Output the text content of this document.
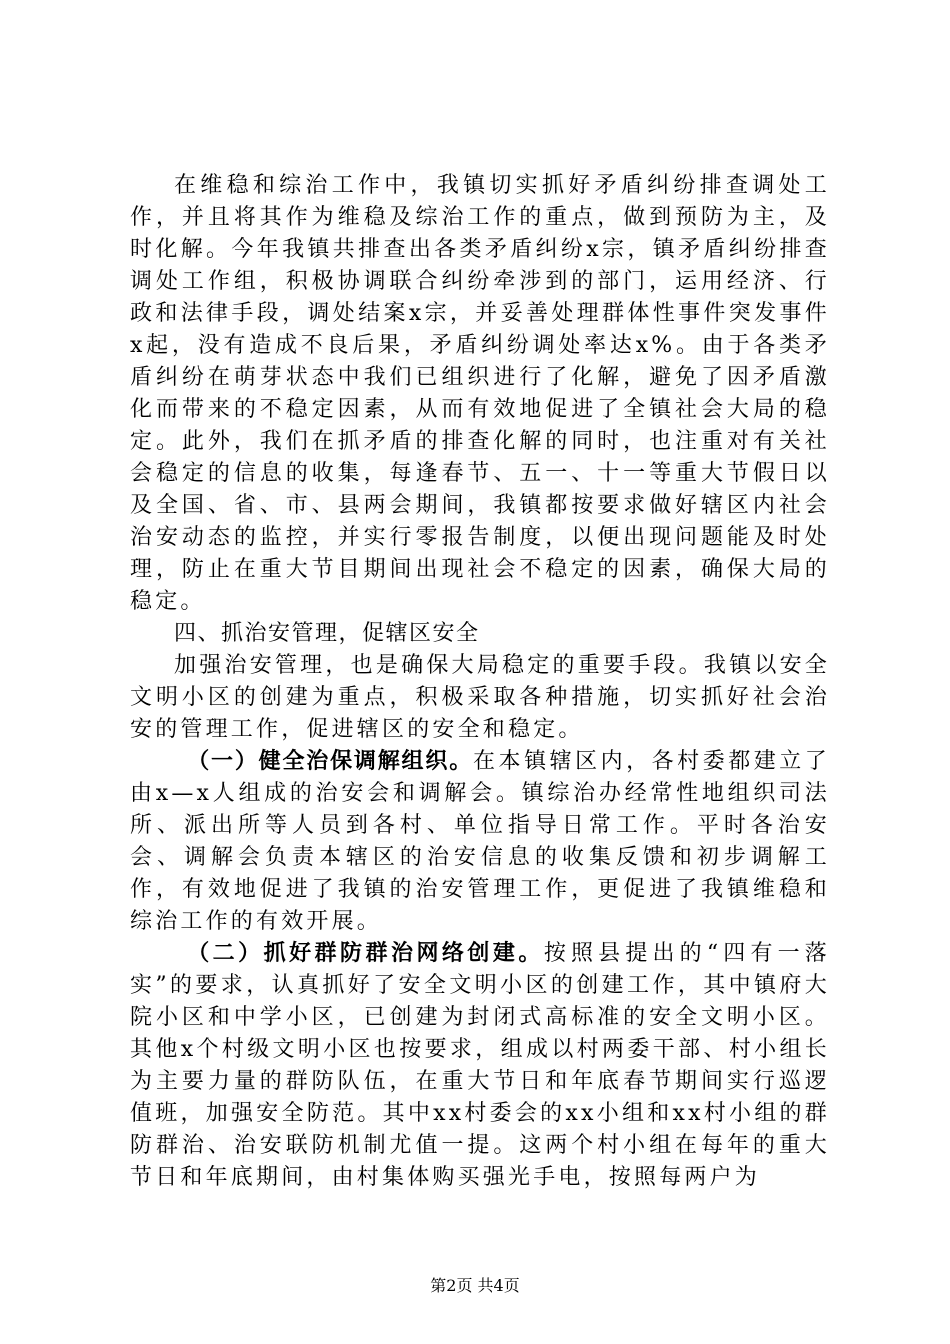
在维稳和综治工作中，我镇切实抓好矛盾纠纷排查调处工作，并且将其作为维稳及综治工作的重点，做到预防为主，及时化解。今年我镇共排查出各类矛盾纠纷x宗，镇矛盾纠纷排查调处工作组，积极协调联合纠纷牵涉到的部门，运用经济、行政和法律手段，调处结案x宗，并妥善处理群体性事件突发事件x起，没有造成不良后果，矛盾纠纷调处率达x%。由于各类矛盾纠纷在萌芽状态中我们已组织进行了化解，避免了因矛盾激化而带来的不稳定因素，从而有效地促进了全镇社会大局的稳定。此外，我们在抓矛盾的排查化解的同时，也注重对有关社会稳定的信息的收集，每逢春节、五一、十一等重大节假日以及全国、省、市、县两会期间，我镇都按要求做好辖区内社会治安动态的监控，并实行零报告制度，以便出现问题能及时处理，防止在重大节目期间出现社会不稳定的因素，确保大局的稳定。

四、抓治安管理，促辖区安全

加强治安管理，也是确保大局稳定的重要手段。我镇以安全文明小区的创建为重点，积极采取各种措施，切实抓好社会治安的管理工作，促进辖区的安全和稳定。

（一）健全治保调解组织。在本镇辖区内，各村委都建立了由x—x人组成的治安会和调解会。镇综治办经常性地组织司法所、派出所等人员到各村、单位指导日常工作。平时各治安会、调解会负责本辖区的治安信息的收集反馈和初步调解工作，有效地促进了我镇的治安管理工作，更促进了我镇维稳和综治工作的有效开展。

（二）抓好群防群治网络创建。按照县提出的“四有一落实”的要求，认真抓好了安全文明小区的创建工作，其中镇府大院小区和中学小区，已创建为封闭式高标准的安全文明小区。其他x个村级文明小区也按要求，组成以村两委干部、村小组长为主要力量的群防队伍，在重大节日和年底春节期间实行巡逻值班，加强安全防范。其中xx村委会的xx小组和xx村小组的群防群治、治安联防机制尤值一提。这两个村小组在每年的重大节日和年底期间，由村集体购买强光手电，按照每两户为

第2页 共4页
